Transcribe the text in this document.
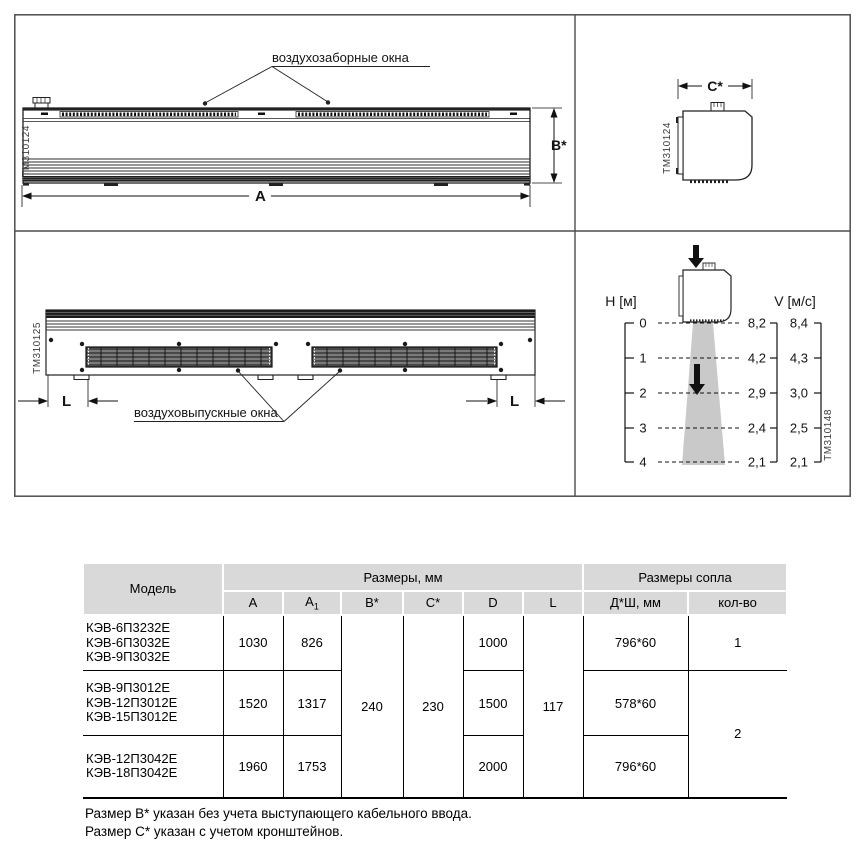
воздухозаборные окна
B*
A
TM310124
C*
TM310124
L	L
воздуховыпускные окна
TM310125
H [м]
0
1
2
3
4
V [м/с]
8,2
4,2
2,9
2,4
2,1
8,4
4,3
3,0
2,5
2,1
TM310148
Модель	Размеры, мм						Размеры сопла	
	A	$A_1$	B*	C*	D	L	Д*Ш, мм	кол-во

КЭВ-6П3232Е
КЭВ-6П3032Е
КЭВ-9П3032Е	1030	826	240	230	1000	117	796*60	1

КЭВ-9П3012Е
КЭВ-12П3012Е
КЭВ-15П3012Е	1520	1317			1500		578*60	2

КЭВ-12П3042Е
КЭВ-18П3042Е	1960	1753			2000		796*60	
Размер B* указан без учета выступающего кабельного ввода.
Размер C* указан с учетом кронштейнов.
